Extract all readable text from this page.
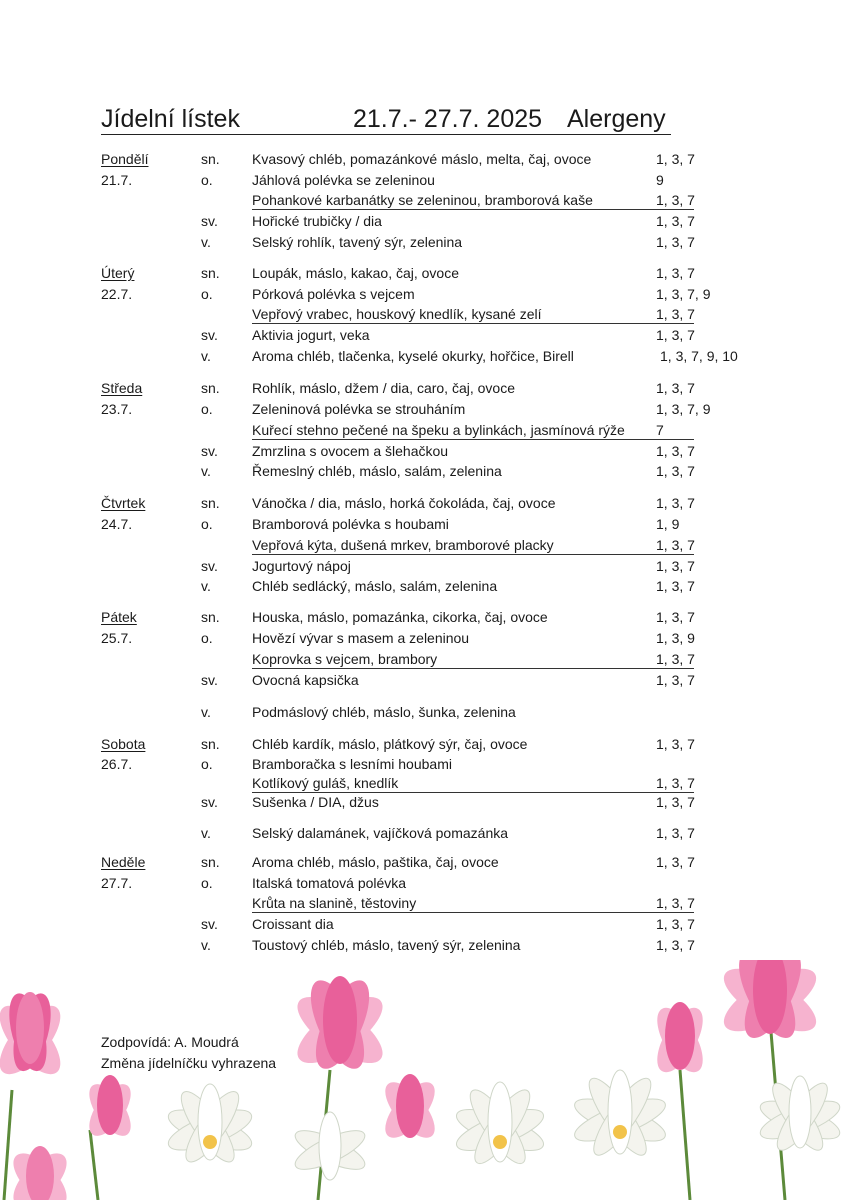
Jídelní lístek	21.7.- 27.7. 2025 Alergeny
Pondělí	sn. Kvasový chléb, pomazánkové máslo, melta, čaj, ovoce	1, 3, 7
21.7.	o.	Jáhlová polévka se zeleninou	9
Pohankové karbanátky se zeleninou, bramborová kaše	1, 3, 7
sv. Hořické trubičky / dia	1, 3, 7
v.	Selský rohlík, tavený sýr, zelenina	1, 3, 7
Úterý	sn. Loupák, máslo, kakao, čaj, ovoce	1, 3, 7
22.7.	o.	Pórková polévka s vejcem	1, 3, 7, 9
Vepřový vrabec, houskový knedlík, kysané zelí	1, 3, 7
sv. Aktivia jogurt, veka	1, 3, 7
v.	Aroma chléb, tlačenka, kyselé okurky, hořčice, Birell	1, 3, 7, 9, 10
Středa	sn. Rohlík, máslo, džem / dia, caro, čaj, ovoce	1, 3, 7
23.7.	o.	Zeleninová polévka se strouháním	1, 3, 7, 9
Kuřecí stehno pečené na špeku a bylinkách, jasmínová rýže 7
sv. Zmrzlina s ovocem a šlehačkou	1, 3, 7
v.	Řemeslný chléb, máslo, salám, zelenina	1, 3, 7
Čtvrtek	sn. Vánočka / dia, máslo, horká čokoláda, čaj, ovoce	1, 3, 7
24.7.	o.	Bramborová polévka s houbami	1, 9
Vepřová kýta, dušená mrkev, bramborové placky	1, 3, 7
sv. Jogurtový nápoj	1, 3, 7
v.	Chléb sedlácký, máslo, salám, zelenina	1, 3, 7
Pátek	sn. Houska, máslo, pomazánka, cikorka, čaj, ovoce	1, 3, 7
25.7.	o.	Hovězí vývar s masem a zeleninou	1, 3, 9
Koprovka s vejcem, brambory	1, 3, 7
sv. Ovocná kapsička	1, 3, 7
v.	Podmáslový chléb, máslo, šunka, zelenina
Sobota	sn. Chléb kardík, máslo, plátkový sýr, čaj, ovoce	1, 3, 7
26.7.	o.	Bramboračka s lesními houbami
Kotlíkový guláš, knedlík	1, 3, 7
sv. Sušenka / DIA, džus	1, 3, 7
v.	Selský dalamánek, vajíčková pomazánka	1, 3, 7
Neděle	sn. Aroma chléb, máslo, paštika, čaj, ovoce	1, 3, 7
27.7.	o.	Italská tomatová polévka
Krůta na slanině, těstoviny	1, 3, 7
sv. Croissant dia	1, 3, 7
v.	Toustový chléb, máslo, tavený sýr, zelenina	1, 3, 7
Zodpovídá: A. Moudrá
Změna jídelníčku vyhrazena
